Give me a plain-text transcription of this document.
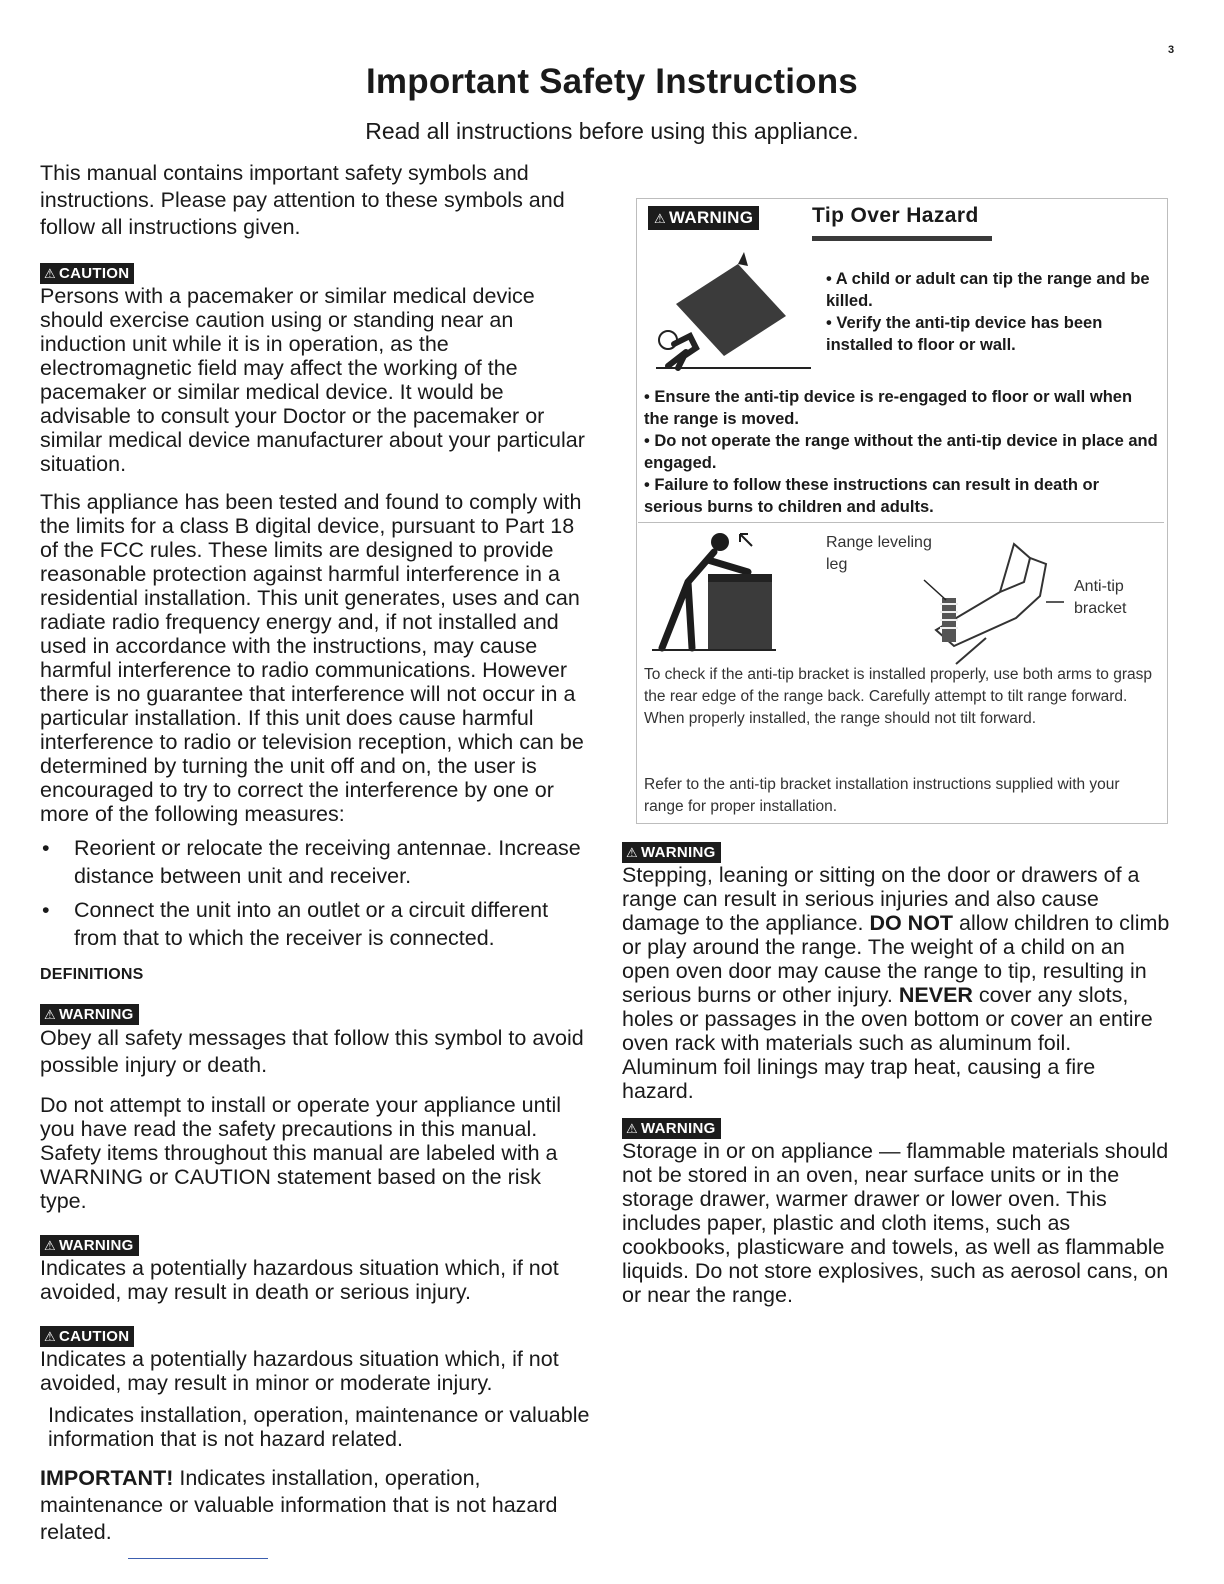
3
Important Safety Instructions
Read all instructions before using this appliance.

This manual contains important safety symbols and instructions. Please pay attention to these symbols and follow all instructions given.

⚠ CAUTION

Persons with a pacemaker or similar medical device should exercise caution using or standing near an induction unit while it is in operation, as the electromagnetic field may affect the working of the pacemaker or similar medical device. It would be advisable to consult your Doctor or the pacemaker or similar medical device manufacturer about your particular situation.

This appliance has been tested and found to comply with the limits for a class B digital device, pursuant to Part 18 of the FCC rules. These limits are designed to provide reasonable protection against harmful interference in a residential installation. This unit generates, uses and can radiate radio frequency energy and, if not installed and used in accordance with the instructions, may cause harmful interference to radio communications. However there is no guarantee that interference will not occur in a particular installation. If this unit does cause harmful interference to radio or television reception, which can be determined by turning the unit off and on, the user is encouraged to try to correct the interference by one or more of the following measures:

• Reorient or relocate the receiving antennae. Increase distance between unit and receiver.
• Connect the unit into an outlet or a circuit different from that to which the receiver is connected.
DEFINITIONS
⚠ WARNING

Obey all safety messages that follow this symbol to avoid possible injury or death.

Do not attempt to install or operate your appliance until you have read the safety precautions in this manual. Safety items throughout this manual are labeled with a WARNING or CAUTION statement based on the risk type.

⚠ WARNING

Indicates a potentially hazardous situation which, if not avoided, may result in death or serious injury.

⚠ CAUTION

Indicates a potentially hazardous situation which, if not avoided, may result in minor or moderate injury.

Indicates installation, operation, maintenance or valuable information that is not hazard related.

IMPORTANT! Indicates installation, operation, maintenance or valuable information that is not hazard related.

⚠ WARNING	Tip Over Hazard
• A child or adult can tip the range and be killed.
• Verify the anti-tip device has been installed to floor or wall.
• Ensure the anti-tip device is re-engaged to floor or wall when the range is moved.
• Do not operate the range without the anti-tip device in place and engaged.
• Failure to follow these instructions can result in death or serious burns to children and adults.
Range leveling leg
Anti-tip bracket
To check if the anti-tip bracket is installed properly, use both arms to grasp the rear edge of the range back. Carefully attempt to tilt range forward. When properly installed, the range should not tilt forward.
Refer to the anti-tip bracket installation instructions supplied with your range for proper installation.
⚠ WARNING

Stepping, leaning or sitting on the door or drawers of a range can result in serious injuries and also cause damage to the appliance. DO NOT allow children to climb or play around the range. The weight of a child on an open oven door may cause the range to tip, resulting in serious burns or other injury. NEVER cover any slots, holes or passages in the oven bottom or cover an entire oven rack with materials such as aluminum foil. Aluminum foil linings may trap heat, causing a fire hazard.

⚠ WARNING

Storage in or on appliance — flammable materials should not be stored in an oven, near surface units or in the storage drawer, warmer drawer or lower oven. This includes paper, plastic and cloth items, such as cookbooks, plasticware and towels, as well as flammable liquids. Do not store explosives, such as aerosol cans, on or near the range.
